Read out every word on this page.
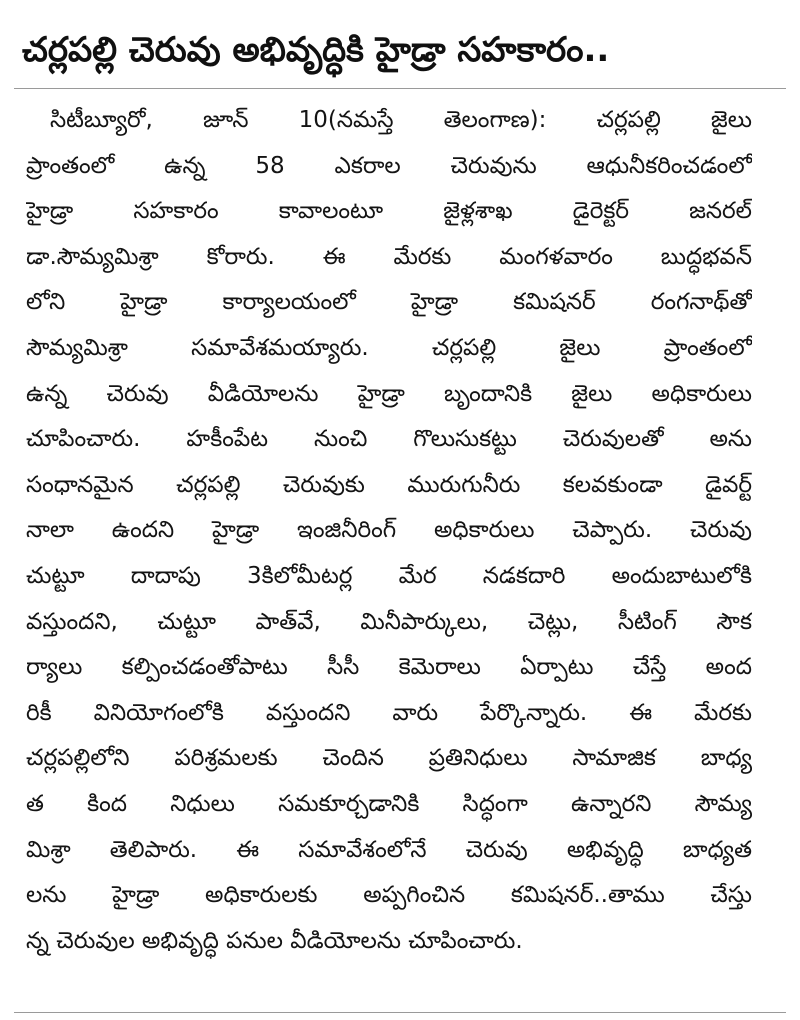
చర్లపల్లి చెరువు అభివృద్ధికి హైడ్రా సహకారం..
సిటీబ్యూరో, జూన్ 10(నమస్తే తెలంగాణ): చర్లపల్లి జైలు
ప్రాంతంలో ఉన్న 58 ఎకరాల చెరువును ఆధునీకరించడంలో
హైడ్రా సహకారం కావాలంటూ జైళ్లశాఖ డైరెక్టర్ జనరల్
డా.సౌమ్యమిశ్రా కోరారు. ఈ మేరకు మంగళవారం బుద్ధభవన్
లోని హైడ్రా కార్యాలయంలో హైడ్రా కమిషనర్ రంగనాథ్‌తో
సౌమ్యమిశ్రా సమావేశమయ్యారు. చర్లపల్లి జైలు ప్రాంతంలో
ఉన్న చెరువు వీడియోలను హైడ్రా బృందానికి జైలు అధికారులు
చూపించారు. హకీంపేట నుంచి గొలుసుకట్టు చెరువులతో అను
సంధానమైన చర్లపల్లి చెరువుకు మురుగునీరు కలవకుండా డైవర్ట్
నాలా ఉందని హైడ్రా ఇంజినీరింగ్ అధికారులు చెప్పారు. చెరువు
చుట్టూ దాదాపు 3కిలోమీటర్ల మేర నడకదారి అందుబాటులోకి
వస్తుందని, చుట్టూ పాత్‌వే, మినీపార్కులు, చెట్లు, సీటింగ్ సౌక
ర్యాలు కల్పించడంతోపాటు సీసీ కెమెరాలు ఏర్పాటు చేస్తే అంద
రికీ వినియోగంలోకి వస్తుందని వారు పేర్కొన్నారు. ఈ మేరకు
చర్లపల్లిలోని పరిశ్రమలకు చెందిన ప్రతినిధులు సామాజిక బాధ్య
త కింద నిధులు సమకూర్చడానికి సిద్ధంగా ఉన్నారని సౌమ్య
మిశ్రా తెలిపారు. ఈ సమావేశంలోనే చెరువు అభివృద్ధి బాధ్యత
లను హైడ్రా అధికారులకు అప్పగించిన కమిషనర్..తాము చేస్తు
న్న చెరువుల అభివృద్ధి పనుల వీడియోలను చూపించారు.
